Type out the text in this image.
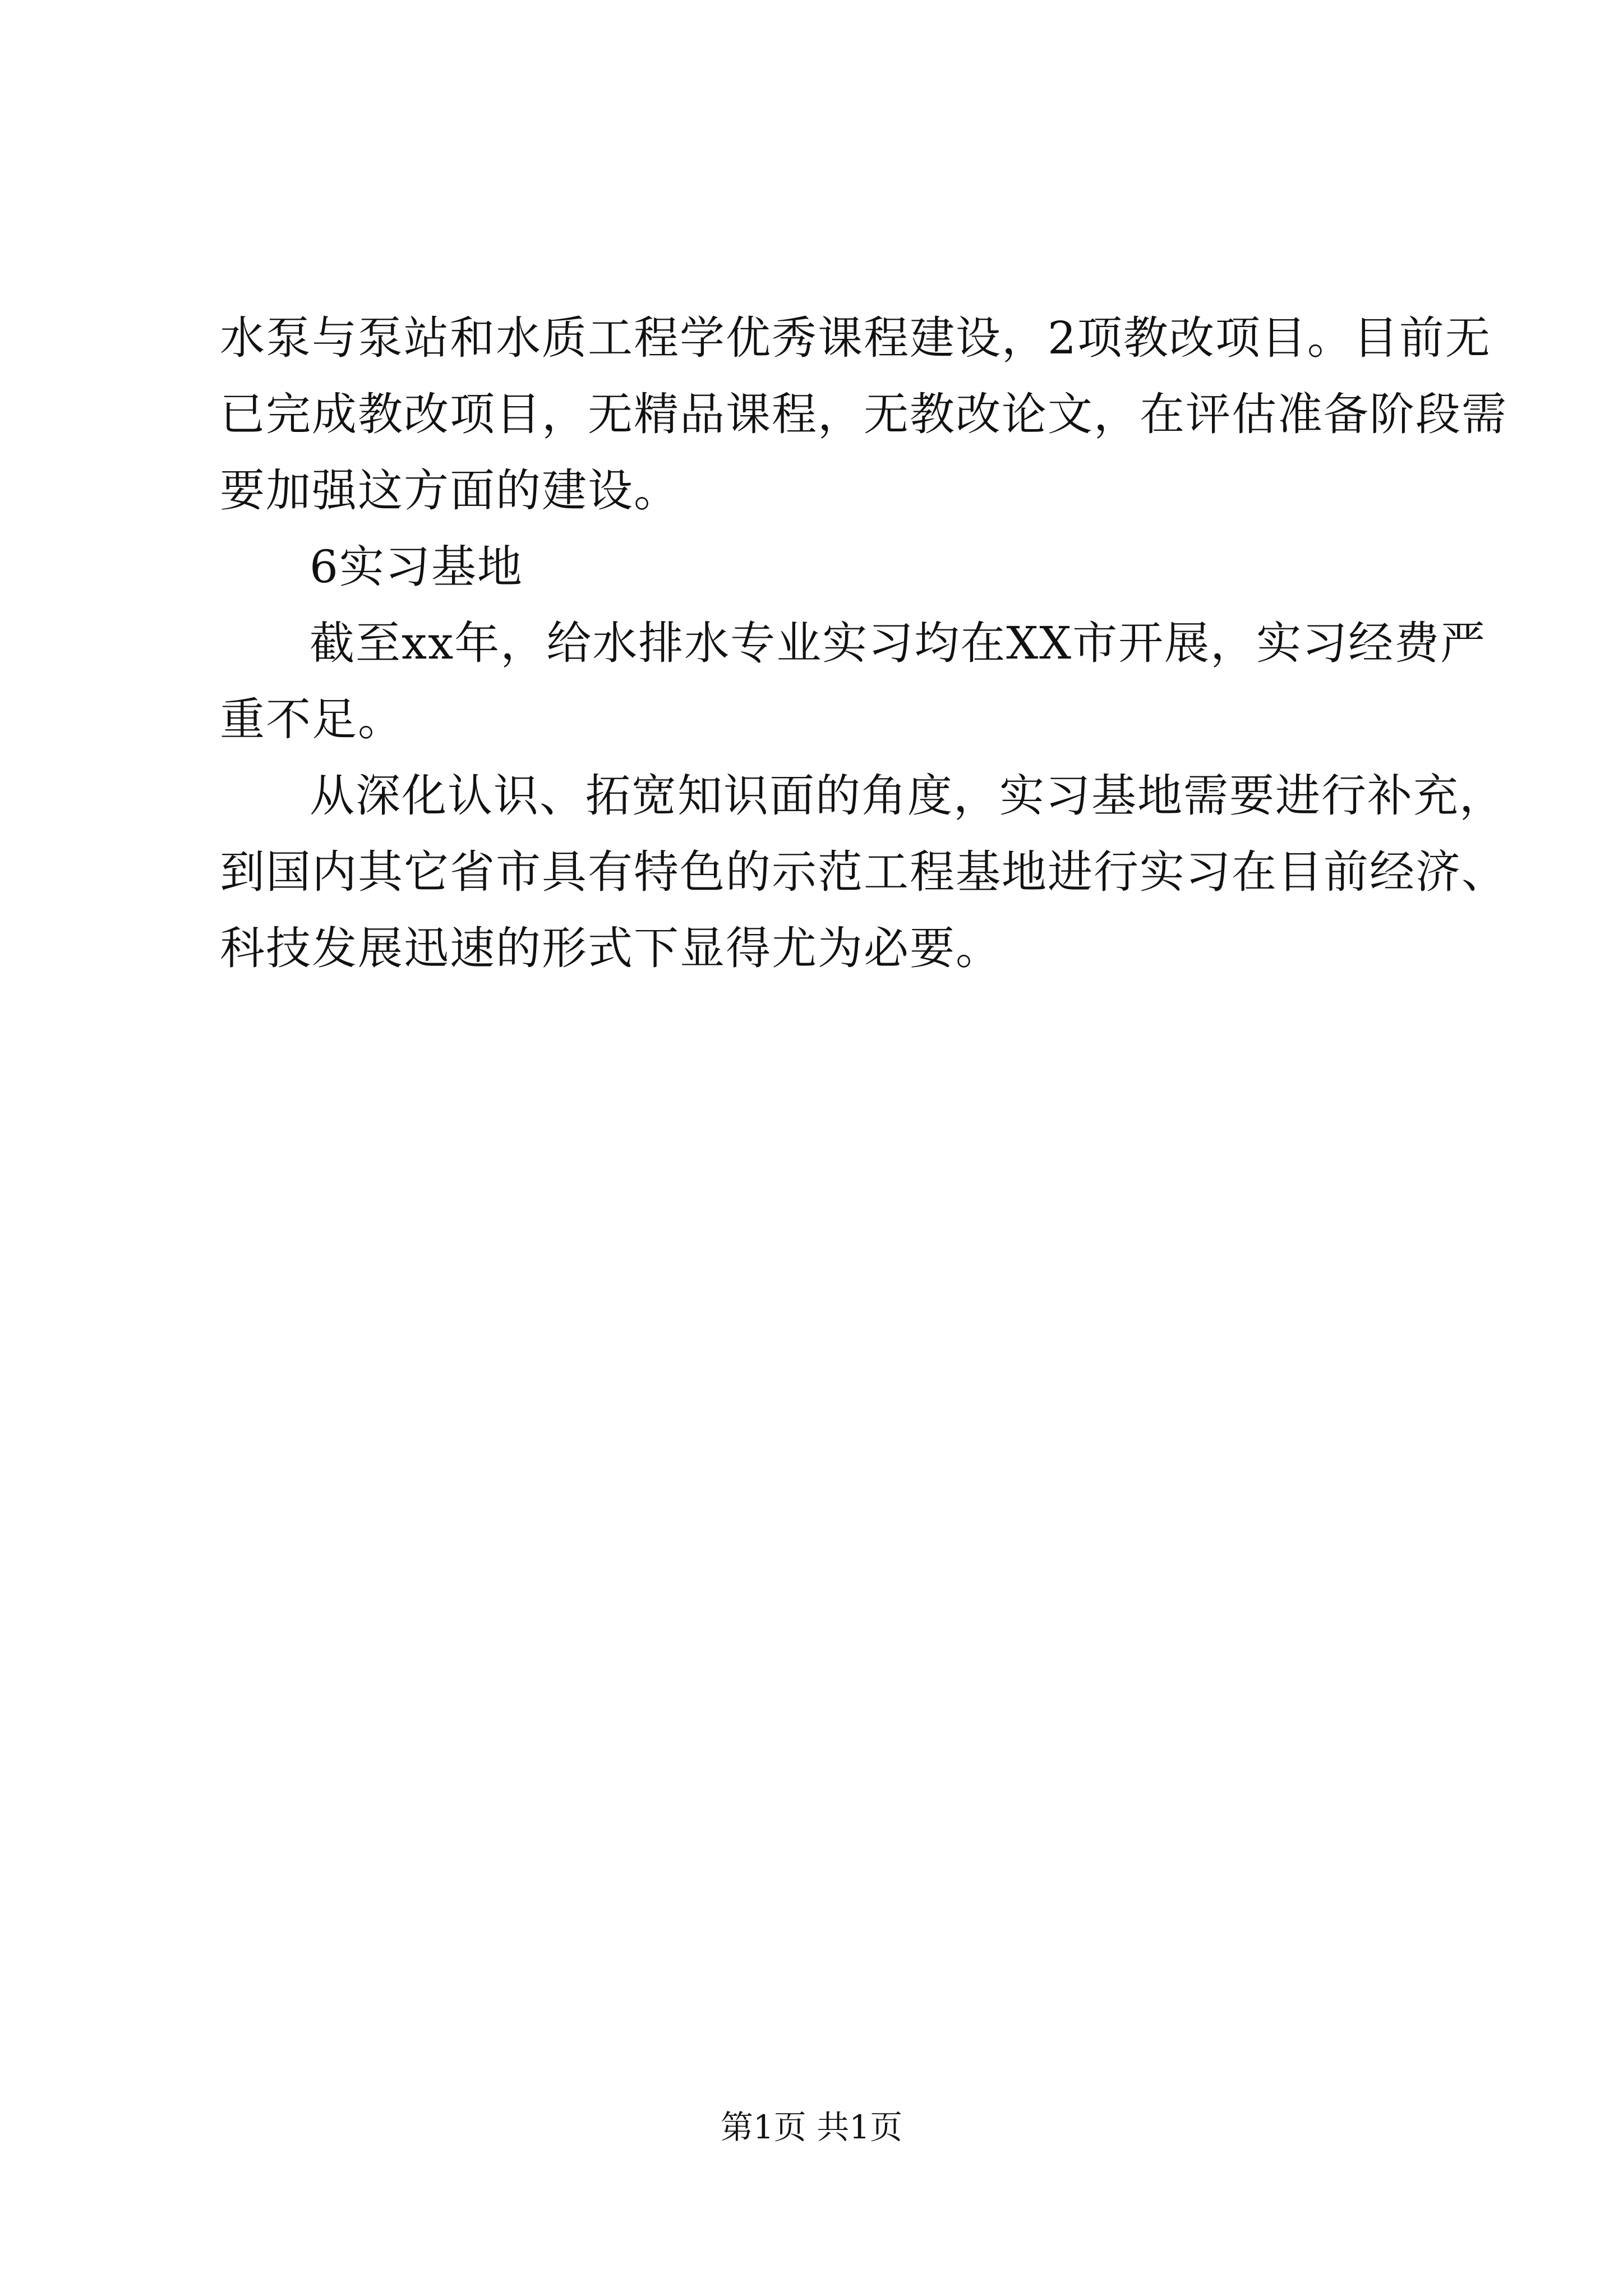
水泵与泵站和水质工程学优秀课程建设，2项教改项目。目前无
已完成教改项目，无精品课程，无教改论文，在评估准备阶段需
要加强这方面的建设。
6实习基地
截至xx年，给水排水专业实习均在XX市开展，实习经费严
重不足。
从深化认识、拓宽知识面的角度，实习基地需要进行补充，
到国内其它省市具有特色的示范工程基地进行实习在目前经济、
科技发展迅速的形式下显得尤为必要。
第1页 共1页
